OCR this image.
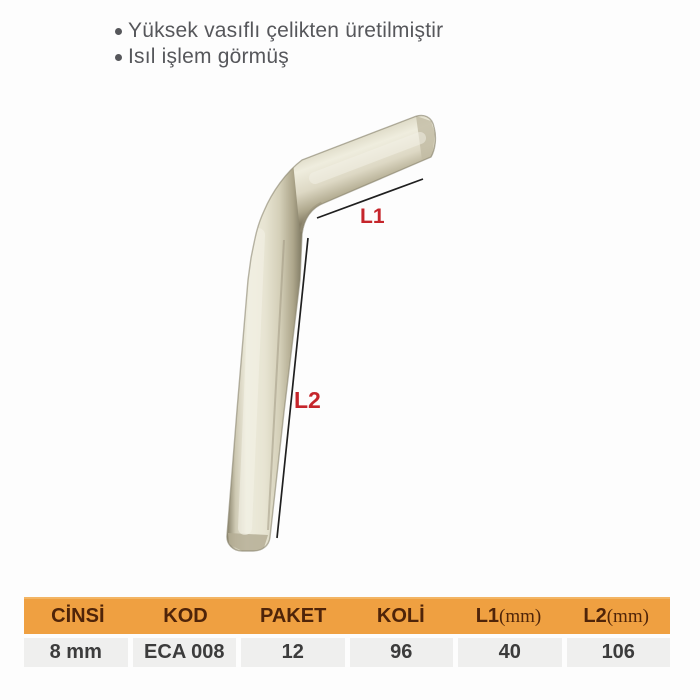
Yüksek vasıflı çelikten üretilmiştir
Isıl işlem görmüş
L1
L2
CİNSİ	KOD	PAKET	KOLİ	L1(mm)	L2(mm)
8 mm	ECA 008	12	96	40	106
